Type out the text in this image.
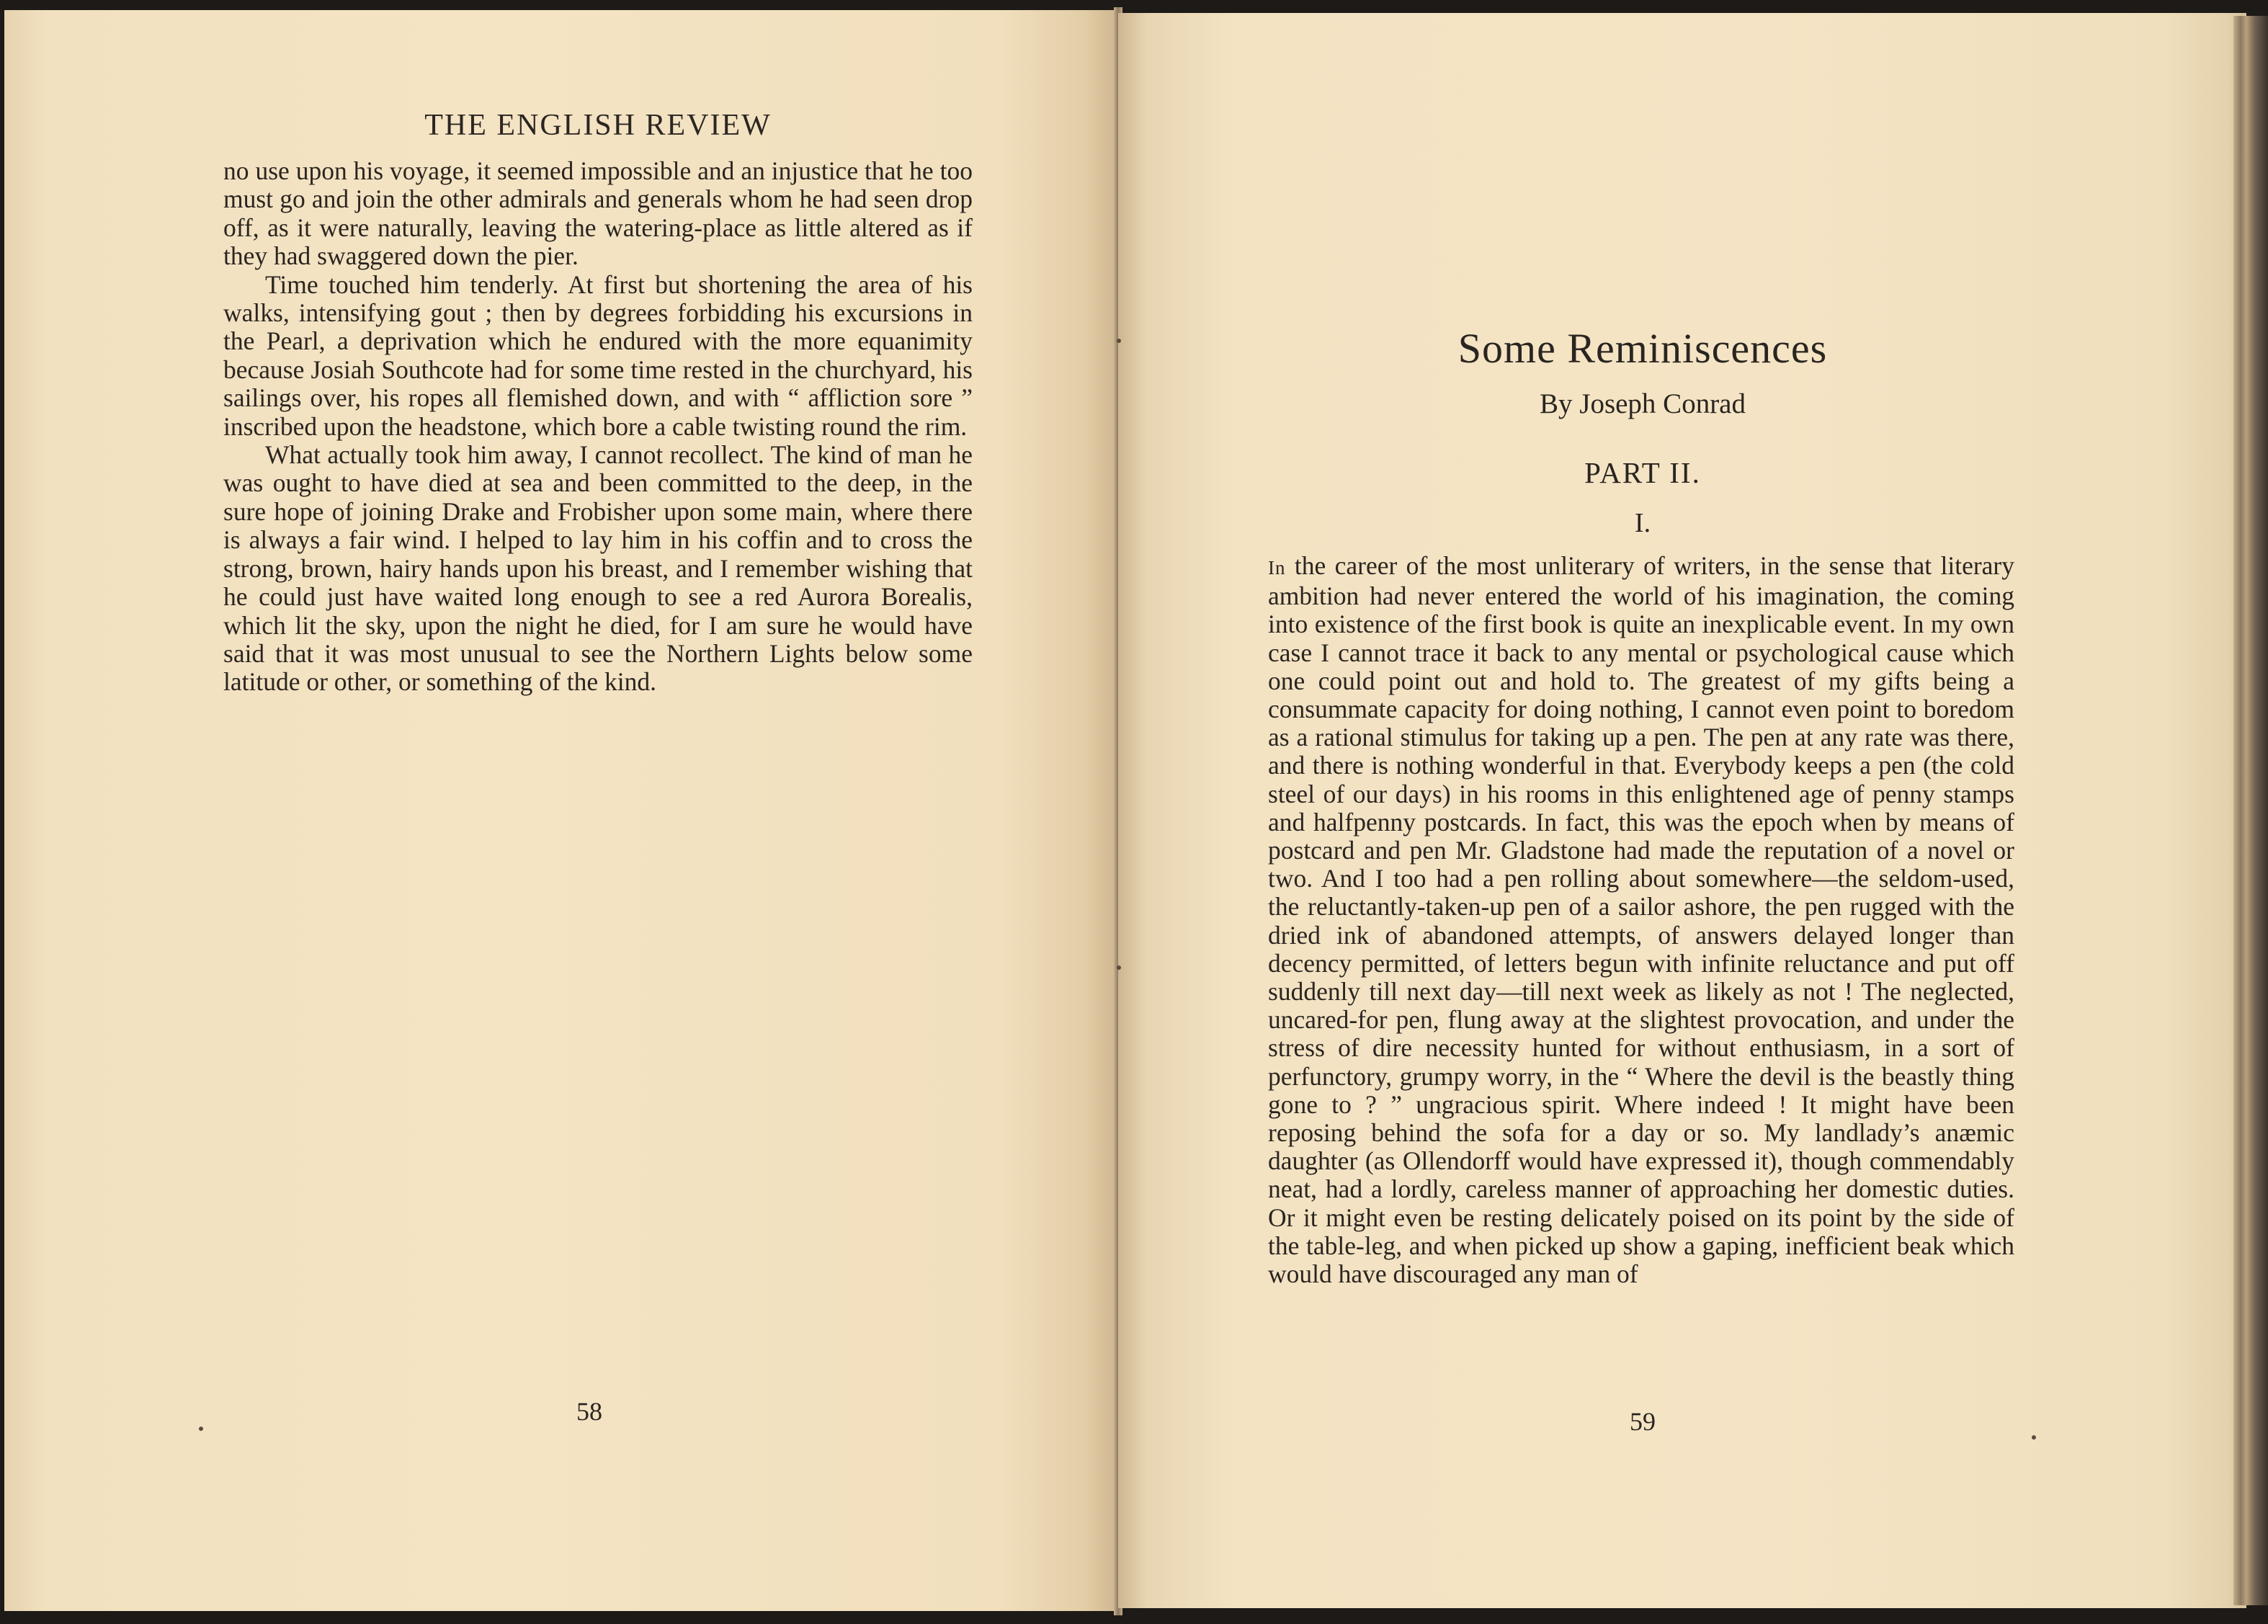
THE ENGLISH REVIEW

no use upon his voyage, it seemed impossible and an injustice that he too must go and join the other admirals and generals whom he had seen drop off, as it were naturally, leaving the watering-place as little altered as if they had swaggered down the pier.

Time touched him tenderly. At first but shortening the area of his walks, intensifying gout ; then by degrees forbidding his excursions in the Pearl, a deprivation which he endured with the more equanimity because Josiah Southcote had for some time rested in the churchyard, his sailings over, his ropes all flemished down, and with “ affliction sore ” inscribed upon the headstone, which bore a cable twisting round the rim.

What actually took him away, I cannot recollect. The kind of man he was ought to have died at sea and been committed to the deep, in the sure hope of joining Drake and Frobisher upon some main, where there is always a fair wind. I helped to lay him in his coffin and to cross the strong, brown, hairy hands upon his breast, and I remember wishing that he could just have waited long enough to see a red Aurora Borealis, which lit the sky, upon the night he died, for I am sure he would have said that it was most unusual to see the Northern Lights below some latitude or other, or something of the kind.

58
Some Reminiscences
By Joseph Conrad
PART II.
I.

In the career of the most unliterary of writers, in the sense that literary ambition had never entered the world of his imagination, the coming into existence of the first book is quite an inexplicable event. In my own case I cannot trace it back to any mental or psychological cause which one could point out and hold to. The greatest of my gifts being a consummate capacity for doing nothing, I cannot even point to boredom as a rational stimulus for taking up a pen. The pen at any rate was there, and there is nothing wonderful in that. Everybody keeps a pen (the cold steel of our days) in his rooms in this enlightened age of penny stamps and halfpenny postcards. In fact, this was the epoch when by means of postcard and pen Mr. Gladstone had made the reputation of a novel or two. And I too had a pen rolling about somewhere—the seldom-used, the reluctantly-taken-up pen of a sailor ashore, the pen rugged with the dried ink of abandoned attempts, of answers delayed longer than decency permitted, of letters begun with infinite reluctance and put off suddenly till next day—till next week as likely as not ! The neglected, uncared-for pen, flung away at the slightest provocation, and under the stress of dire necessity hunted for without enthusiasm, in a sort of perfunctory, grumpy worry, in the “ Where the devil is the beastly thing gone to ? ” ungracious spirit. Where indeed ! It might have been reposing behind the sofa for a day or so. My landlady’s anæmic daughter (as Ollendorff would have expressed it), though commendably neat, had a lordly, careless manner of approaching her domestic duties. Or it might even be resting delicately poised on its point by the side of the table-leg, and when picked up show a gaping, inefficient beak which would have discouraged any man of

59
